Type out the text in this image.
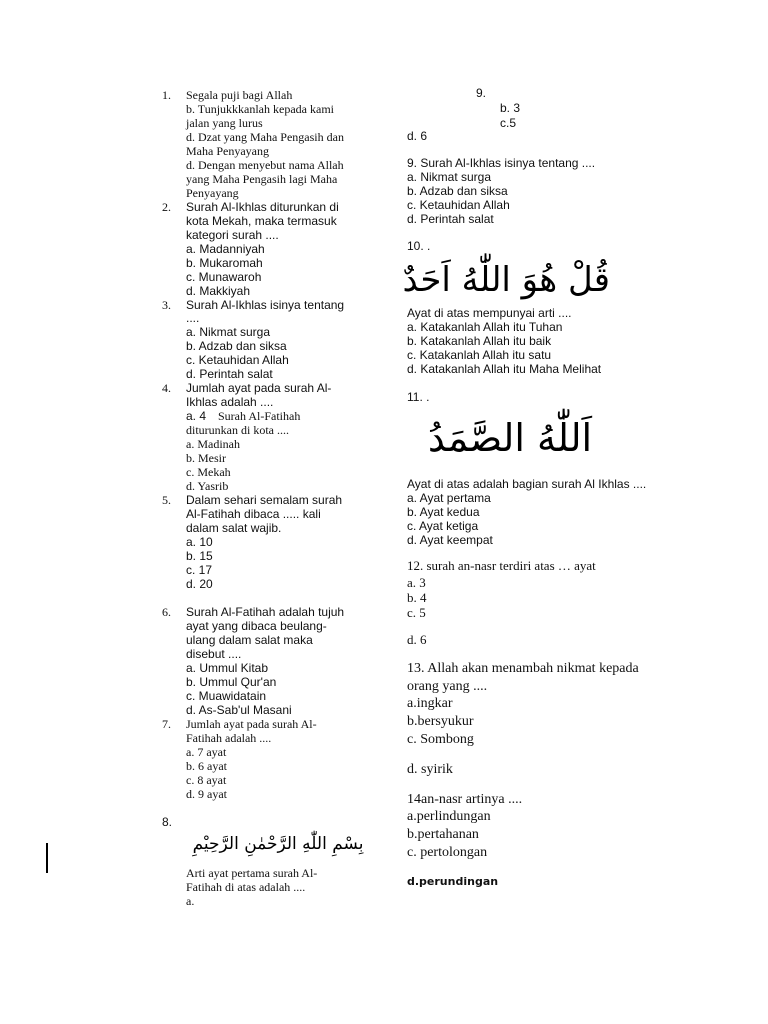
1. Segala puji bagi Allah
b. Tunjukkkanlah kepada kami
jalan yang lurus
d. Dzat yang Maha Pengasih dan
Maha Penyayang
d. Dengan menyebut nama Allah
yang Maha Pengasih lagi Maha
Penyayang
2. Surah Al-Ikhlas diturunkan di
kota Mekah, maka termasuk
kategori surah ....
a. Madanniyah
b. Mukaromah
c. Munawaroh
d. Makkiyah
3. Surah Al-Ikhlas isinya tentang
....
a. Nikmat surga
b. Adzab dan siksa
c. Ketauhidan Allah
d. Perintah salat
4. Jumlah ayat pada surah Al-
Ikhlas adalah ....
a. 4 Surah Al-Fatihah
diturunkan di kota ....
a. Madinah
b. Mesir
c. Mekah
d. Yasrib
5. Dalam sehari semalam surah
Al-Fatihah dibaca ..... kali
dalam salat wajib.
a. 10
b. 15
c. 17
d. 20
6. Surah Al-Fatihah adalah tujuh
ayat yang dibaca beulang-
ulang dalam salat maka
disebut ....
a. Ummul Kitab
b. Ummul Qur'an
c. Muawidatain
d. As-Sab'ul Masani
7. Jumlah ayat pada surah Al-
Fatihah adalah ....
a. 7 ayat
b. 6 ayat
c. 8 ayat
d. 9 ayat
8.
بِسْمِ اللّٰهِ الرَّحْمٰنِ الرَّحِيْمِ
Arti ayat pertama surah Al-
Fatihah di atas adalah ....
a.
9.
b. 3
c.5
d. 6
9. Surah Al-Ikhlas isinya tentang ....
a. Nikmat surga
b. Adzab dan siksa
c. Ketauhidan Allah
d. Perintah salat
10. .
قُلْ هُوَ اللّٰهُ اَحَدٌ
Ayat di atas mempunyai arti ....
a. Katakanlah Allah itu Tuhan
b. Katakanlah Allah itu baik
c. Katakanlah Allah itu satu
d. Katakanlah Allah itu Maha Melihat
11. .
اَللّٰهُ الصَّمَدُ
Ayat di atas adalah bagian surah Al Ikhlas ....
a. Ayat pertama
b. Ayat kedua
c. Ayat ketiga
d. Ayat keempat
12. surah an-nasr terdiri atas … ayat
a. 3
b. 4
c. 5
d. 6
13. Allah akan menambah nikmat kepada
orang yang ....
a.ingkar
b.bersyukur
c. Sombong
d. syirik
14an-nasr artinya ....
a.perlindungan
b.pertahanan
c. pertolongan
d.perundingan
